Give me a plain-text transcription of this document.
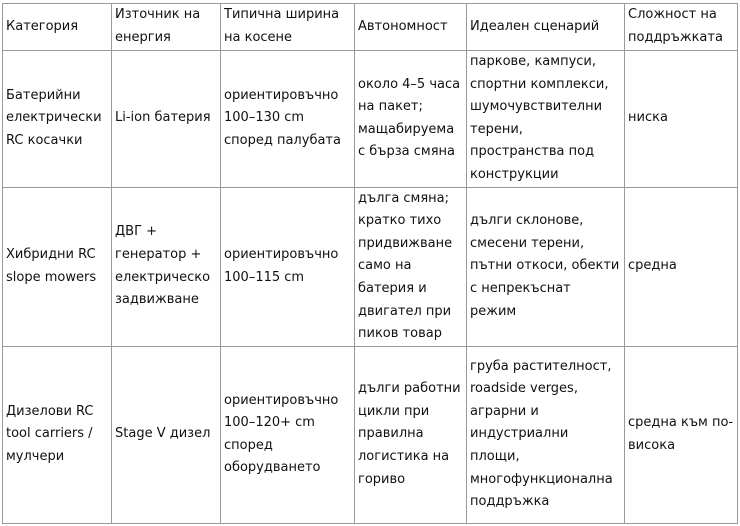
Категория	Източник на енергия	Типична ширина на косене	Автономност	Идеален сценарий	Сложност на поддръжката
Батерийни електрически RC косачки	Li-ion батерия	ориентировъчно 100–130 cm според палубата	около 4–5 часа на пакет; мащабируема с бърза смяна	паркове, кампуси, спортни комплекси, шумочувствителни терени, пространства под конструкции	ниска
Хибридни RC slope mowers	ДВГ + генератор + електрическо задвижване	ориентировъчно 100–115 cm	дълга смяна; кратко тихо придвижване само на батерия и двигател при пиков товар	дълги склонове, смесени терени, пътни откоси, обекти с непрекъснат режим	средна
Дизелови RC tool carriers / мулчери	Stage V дизел	ориентировъчно 100–120+ cm според оборудването	дълги работни цикли при правилна логистика на гориво	груба растителност, roadside verges, аграрни и индустриални площи, многофункционална поддръжка	средна към по-висока
